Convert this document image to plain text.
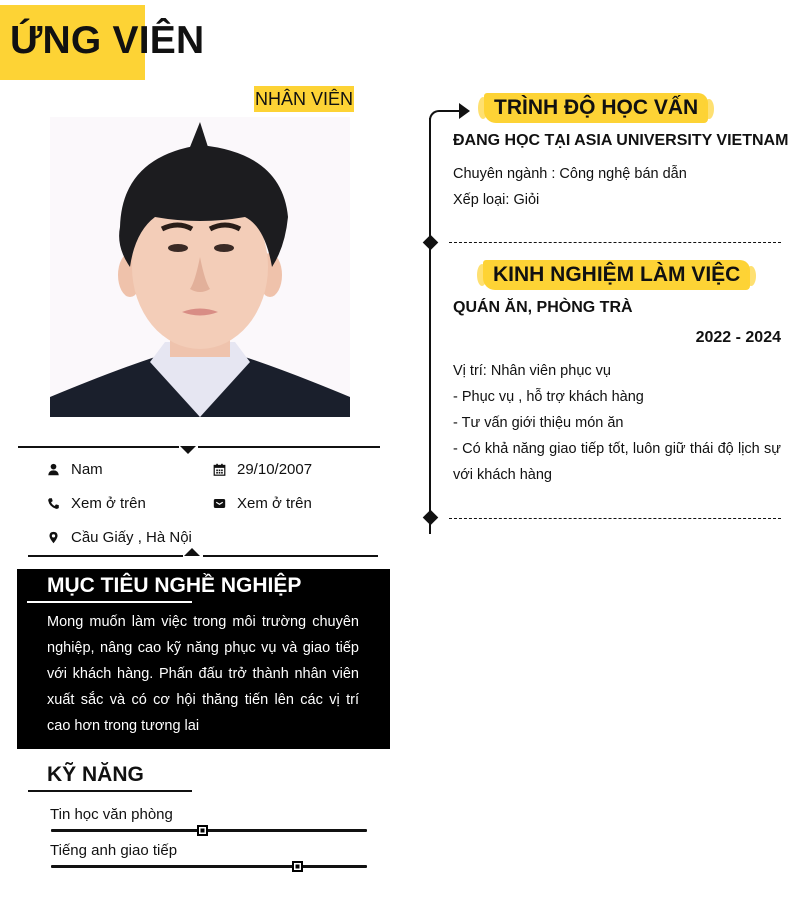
ỨNG VIÊN
NHÂN VIÊN
Nam	29/10/2007
Xem ở trên	Xem ở trên
Cầu Giấy , Hà Nội
MỤC TIÊU NGHỀ NGHIỆP
Mong muốn làm việc trong môi trường chuyên nghiệp, nâng cao kỹ năng phục vụ và giao tiếp với khách hàng. Phấn đấu trở thành nhân viên xuất sắc và có cơ hội thăng tiến lên các vị trí cao hơn trong tương lai
KỸ NĂNG
Tin học văn phòng
Tiếng anh giao tiếp
TRÌNH ĐỘ HỌC VẤN
ĐANG HỌC TẠI ASIA UNIVERSITY VIETNAM
Chuyên ngành : Công nghệ bán dẫn
Xếp loại: Giỏi
KINH NGHIỆM LÀM VIỆC
QUÁN ĂN, PHÒNG TRÀ
2022 - 2024
Vị trí: Nhân viên phục vụ
- Phục vụ , hỗ trợ khách hàng
- Tư vấn giới thiệu món ăn
- Có khả năng giao tiếp tốt, luôn giữ thái độ lịch sự với khách hàng
